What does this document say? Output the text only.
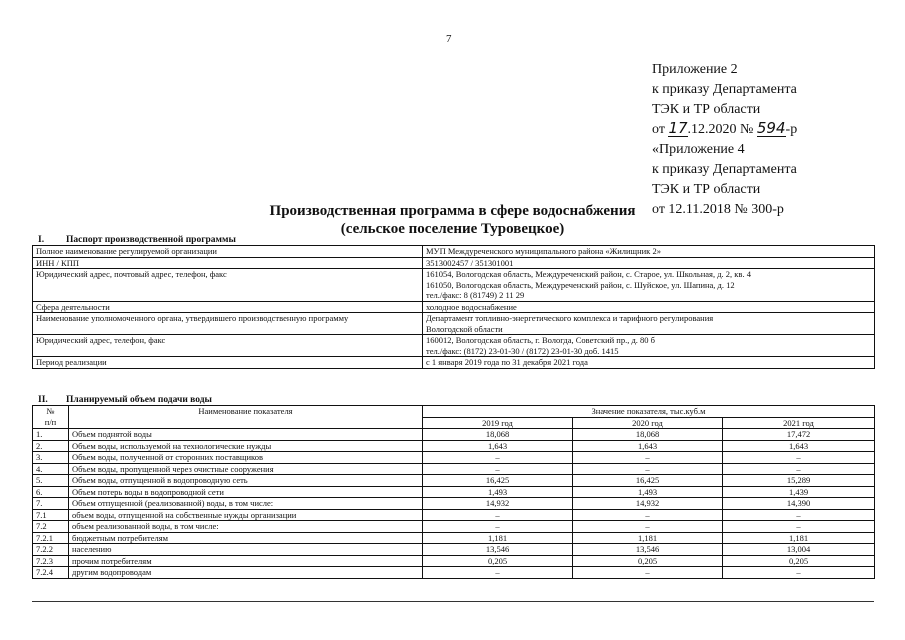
7
Приложение 2
к приказу Департамента
ТЭК и ТР области
от 17.12.2020 № 594-р
«Приложение 4
к приказу Департамента
ТЭК и ТР области
от 12.11.2018 № 300-р
Производственная программа в сфере водоснабжения
(сельское поселение Туровецкое)
I. Паспорт производственной программы
Полное наименование регулируемой организации	МУП Междуреченского муниципального района «Жилищник 2»

ИНН / КПП	3513002457 / 351301001

Юридический адрес, почтовый адрес, телефон, факс	161054, Вологодская область, Междуреченский район, с. Старое, ул. Школьная, д. 2, кв. 4
161050, Вологодская область, Междуреченский район, с. Шуйское, ул. Шапина, д. 12
тел./факс: 8 (81749) 2 11 29

Сфера деятельности	холодное водоснабжение

Наименование уполномоченного органа, утвердившего производственную программу	Департамент топливно-энергетического комплекса и тарифного регулирования
Вологодской области

Юридический адрес, телефон, факс	160012, Вологодская область, г. Вологда, Советский пр., д. 80 б
тел./факс: (8172) 23-01-30 / (8172) 23-01-30 доб. 1415

Период реализации	с 1 января 2019 года по 31 декабря 2021 года
II. Планируемый объем подачи воды
№
п/п	Наименование показателя	Значение показателя, тыс.куб.м		
		2019 год	2020 год	2021 год
1.	Объем поднятой воды	18,068	18,068	17,472
2.	Объем воды, используемой на технологические нужды	1,643	1,643	1,643
3.	Объем воды, полученной от сторонних поставщиков	–	–	–
4.	Объем воды, пропущенной через очистные сооружения	–	–	–
5.	Объем воды, отпущенной в водопроводную сеть	16,425	16,425	15,289
6.	Объем потерь воды в водопроводной сети	1,493	1,493	1,439
7.	Объем отпущенной (реализованной) воды, в том числе:	14,932	14,932	14,390
7.1	объем воды, отпущенной на собственные нужды организации	–	–	–
7.2	объем реализованной воды, в том числе:	–	–	–
7.2.1	бюджетным потребителям	1,181	1,181	1,181
7.2.2	населению	13,546	13,546	13,004
7.2.3	прочим потребителям	0,205	0,205	0,205
7.2.4	другим водопроводам	–	–	–
